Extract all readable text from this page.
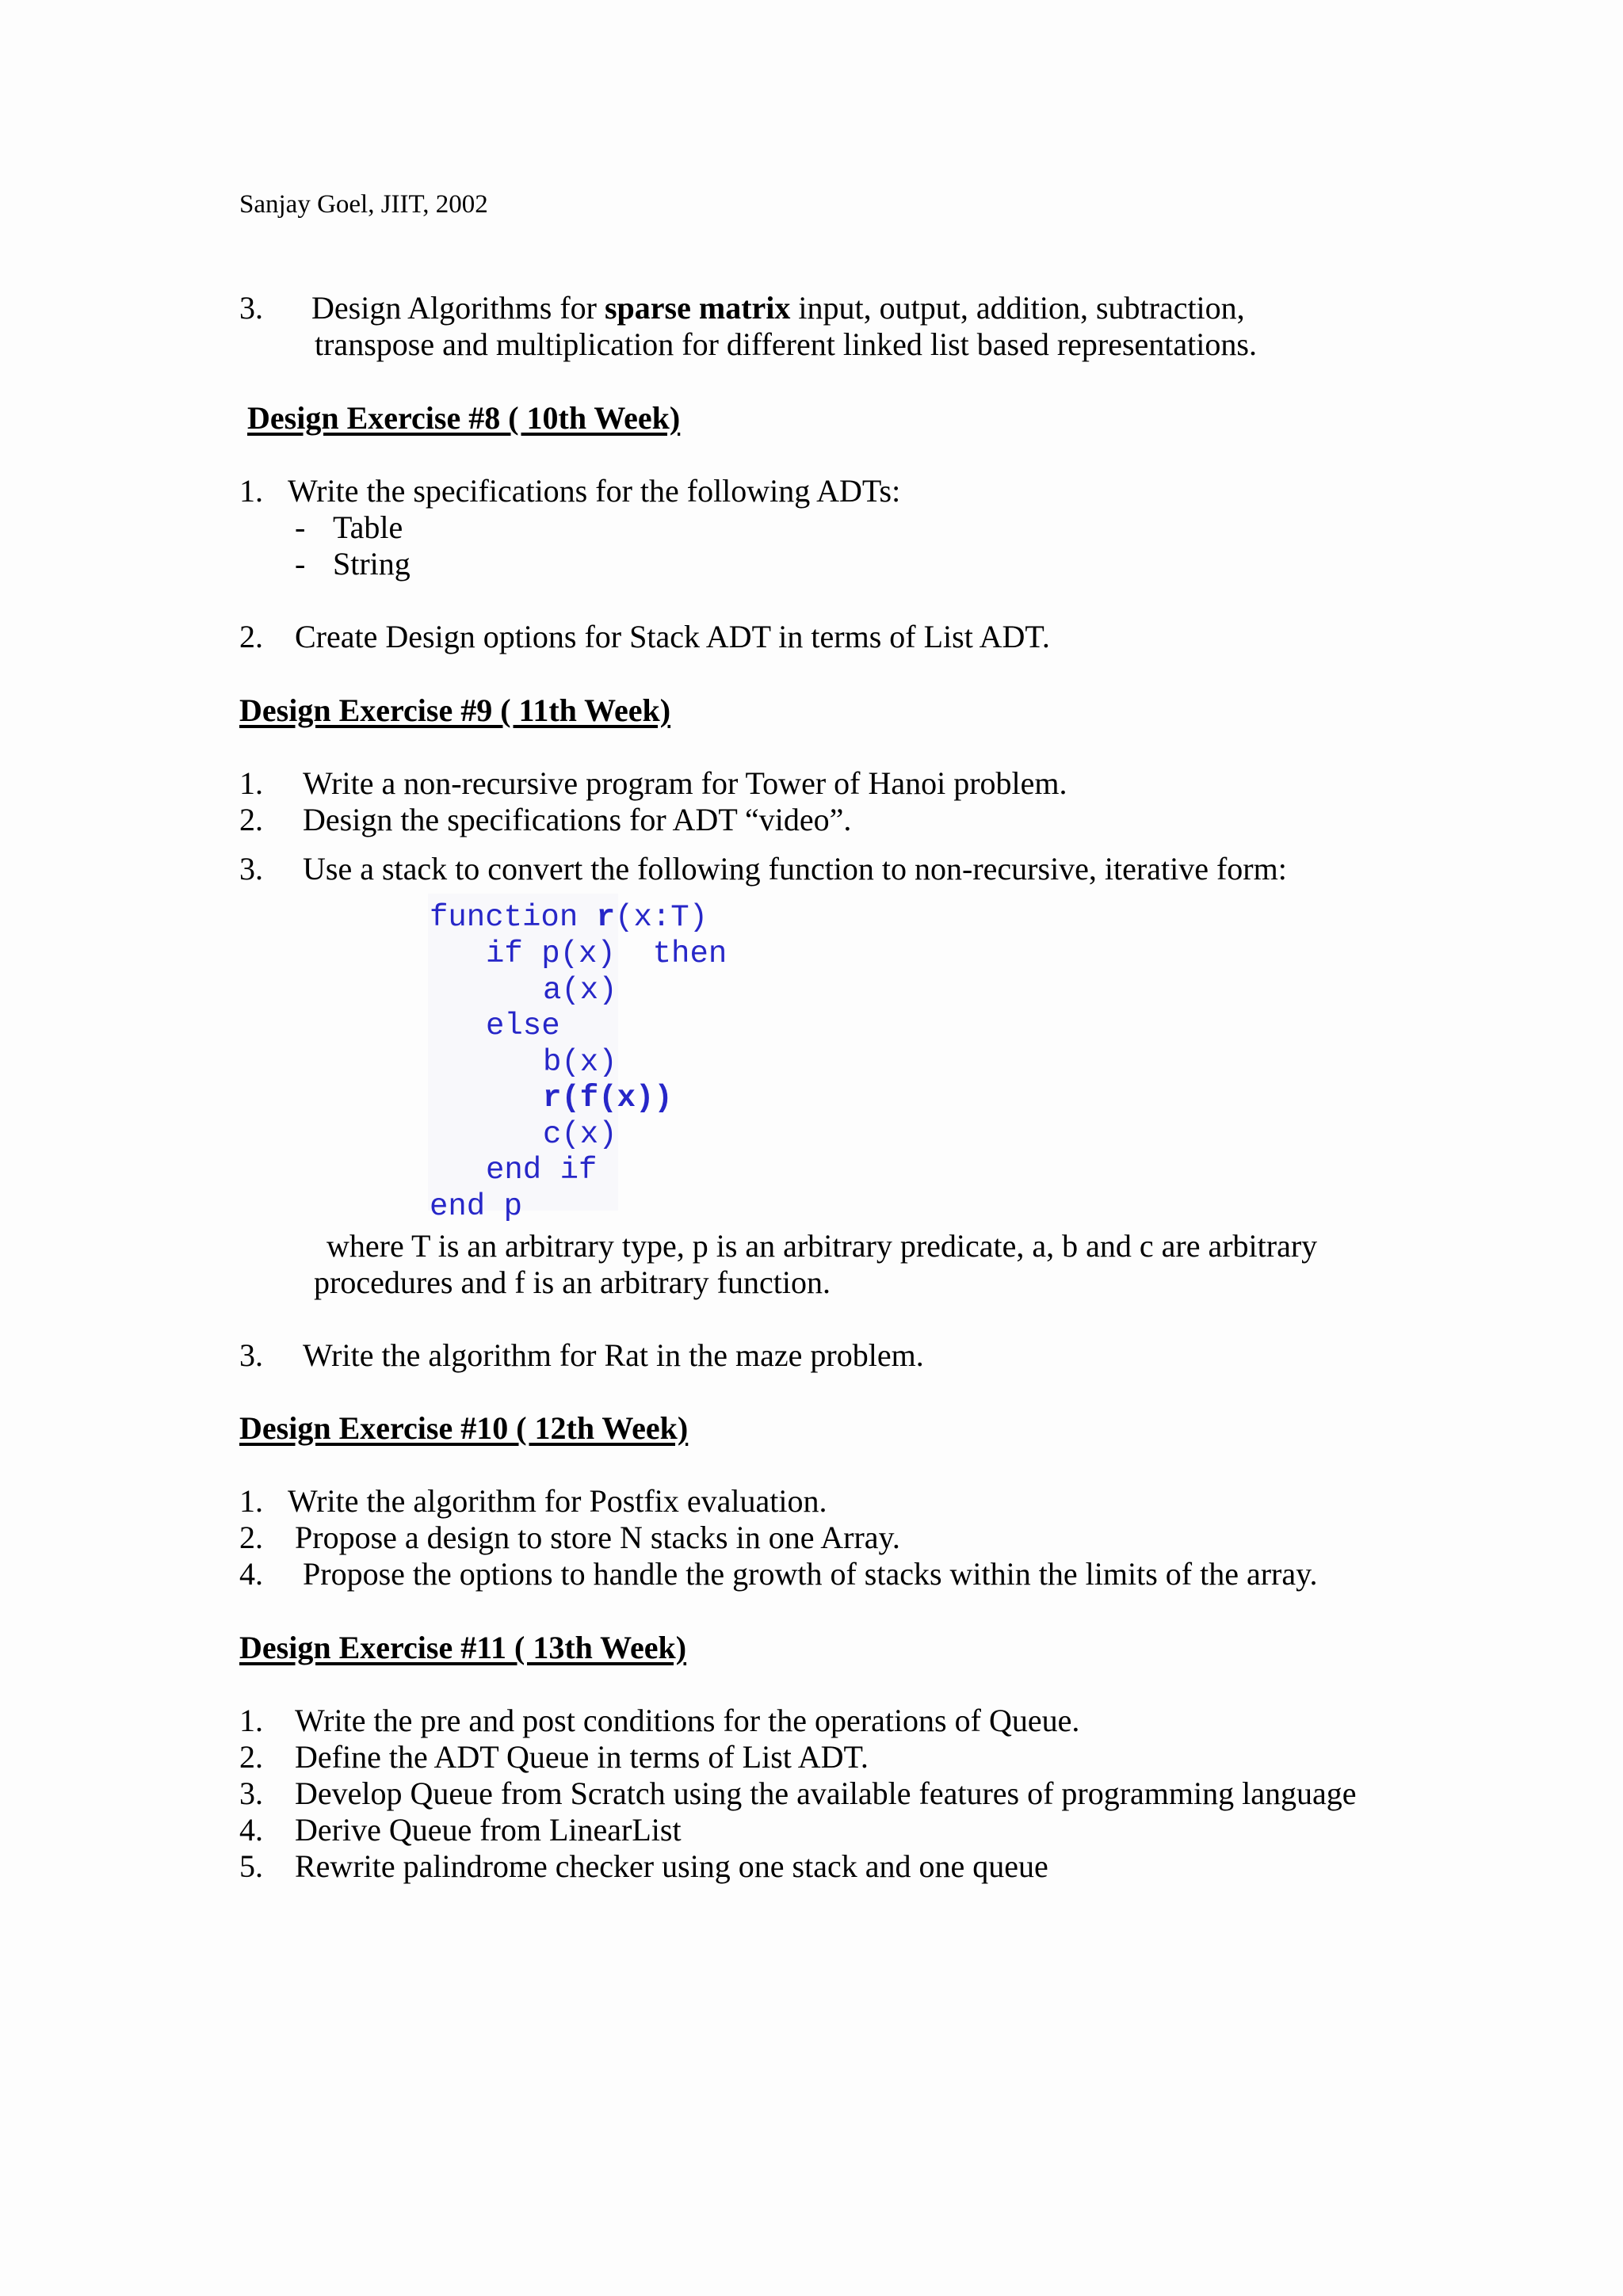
Sanjay Goel, JIIT, 2002
3. Design Algorithms for sparse matrix input, output, addition, subtraction,
transpose and multiplication for different linked list based representations.
Design Exercise #8 ( 10th Week)
1. Write the specifications for the following ADTs:
- Table
- String
2. Create Design options for Stack ADT in terms of List ADT.
Design Exercise #9 ( 11th Week)
1. Write a non-recursive program for Tower of Hanoi problem.
2. Design the specifications for ADT “video”.
3. Use a stack to convert the following function to non-recursive, iterative form:
function r(x:T)
if p(x)  then
a(x)
else
b(x)
r(f(x))
c(x)
end if
end p
where T is an arbitrary type, p is an arbitrary predicate, a, b and c are arbitrary
procedures and f is an arbitrary function.
3. Write the algorithm for Rat in the maze problem.
Design Exercise #10 ( 12th Week)
1. Write the algorithm for Postfix evaluation.
2. Propose a design to store N stacks in one Array.
4. Propose the options to handle the growth of stacks within the limits of the array.
Design Exercise #11 ( 13th Week)
1. Write the pre and post conditions for the operations of Queue.
2. Define the ADT Queue in terms of List ADT.
3. Develop Queue from Scratch using the available features of programming language
4. Derive Queue from LinearList
5. Rewrite palindrome checker using one stack and one queue
